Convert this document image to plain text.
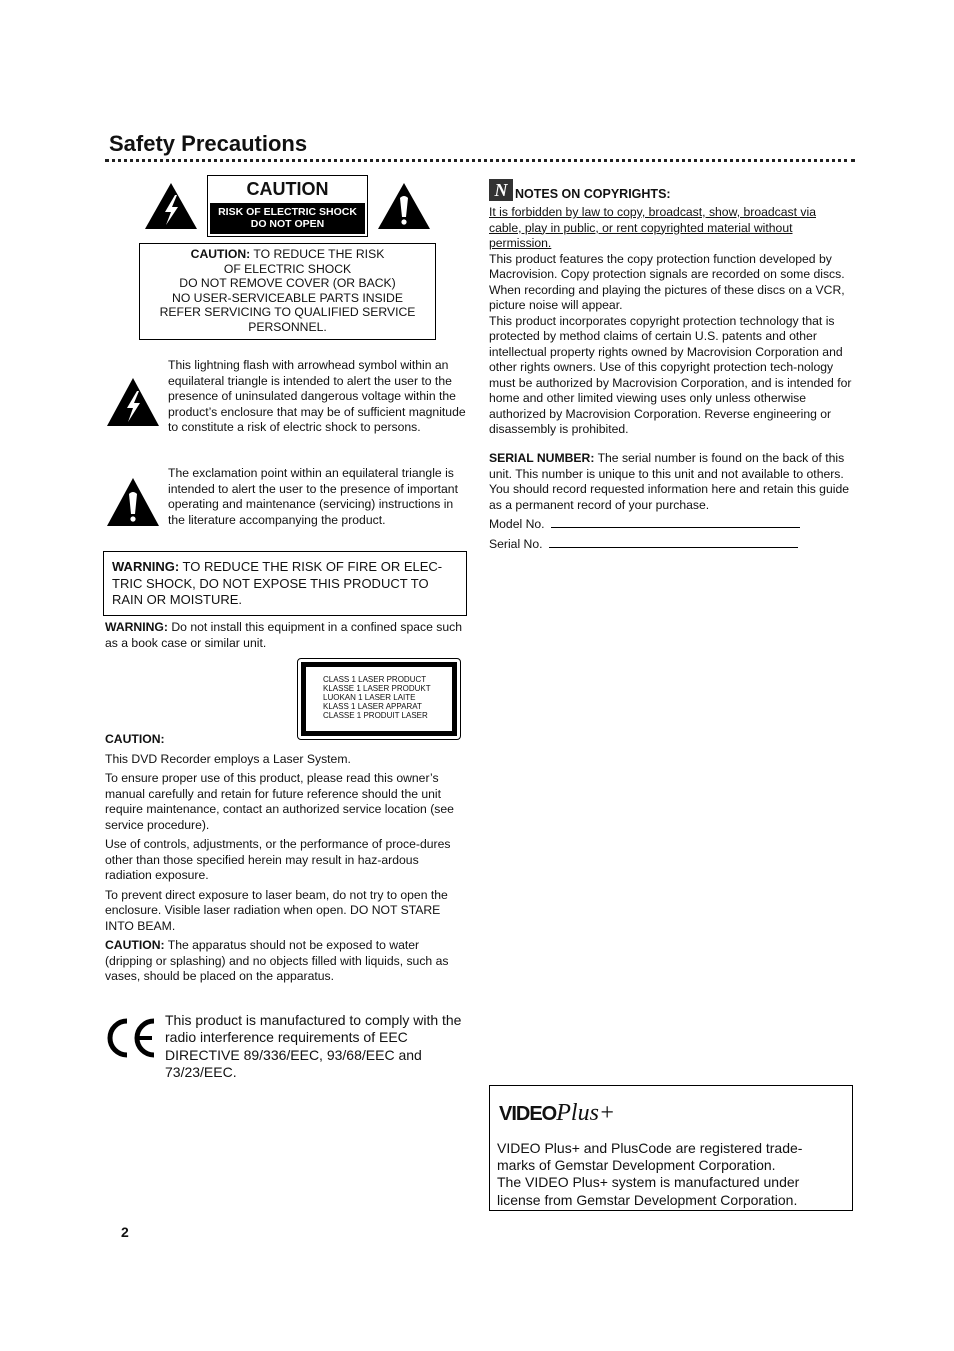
Safety Precautions
CAUTION
RISK OF ELECTRIC SHOCK
DO NOT OPEN
CAUTION: TO REDUCE THE RISK
OF ELECTRIC SHOCK
DO NOT REMOVE COVER (OR BACK)
NO USER-SERVICEABLE PARTS INSIDE
REFER SERVICING TO QUALIFIED SERVICE
PERSONNEL.

This lightning flash with arrowhead symbol within an equilateral triangle is intended to alert the user to the presence of uninsulated dangerous voltage within the product’s enclosure that may be of sufficient magnitude to constitute a risk of electric shock to persons.

The exclamation point within an equilateral triangle is intended to alert the user to the presence of important operating and maintenance (servicing) instructions in the literature accompanying the product.

WARNING: TO REDUCE THE RISK OF FIRE OR ELEC-TRIC SHOCK, DO NOT EXPOSE THIS PRODUCT TO RAIN OR MOISTURE.

WARNING: Do not install this equipment in a confined space such as a book case or similar unit.

CLASS 1 LASER PRODUCT
KLASSE 1 LASER PRODUKT
LUOKAN 1 LASER LAITE
KLASS 1 LASER APPARAT
CLASSE 1 PRODUIT LASER

CAUTION:

This DVD Recorder employs a Laser System.

To ensure proper use of this product, please read this owner’s manual carefully and retain for future reference should the unit require maintenance, contact an authorized service location (see service procedure).

Use of controls, adjustments, or the performance of proce-dures other than those specified herein may result in haz-ardous radiation exposure.

To prevent direct exposure to laser beam, do not try to open the enclosure. Visible laser radiation when open. DO NOT STARE INTO BEAM.

CAUTION: The apparatus should not be exposed to water (dripping or splashing) and no objects filled with liquids, such as vases, should be placed on the apparatus.

This product is manufactured to comply with the radio interference requirements of EEC DIRECTIVE 89/336/EEC, 93/68/EEC and 73/23/EEC.

2
N NOTES ON COPYRIGHTS:

It is forbidden by law to copy, broadcast, show, broadcast via cable, play in public, or rent copyrighted material without permission.

This product features the copy protection function developed by Macrovision. Copy protection signals are recorded on some discs. When recording and playing the pictures of these discs on a VCR, picture noise will appear.

This product incorporates copyright protection technology that is protected by method claims of certain U.S. patents and other intellectual property rights owned by Macrovision Corporation and other rights owners. Use of this copyright protection tech-nology must be authorized by Macrovision Corporation, and is intended for home and other limited viewing uses only unless otherwise authorized by Macrovision Corporation. Reverse engineering or disassembly is prohibited.

SERIAL NUMBER: The serial number is found on the back of this unit. This number is unique to this unit and not available to others. You should record requested information here and retain this guide as a permanent record of your purchase.

Model No.
Serial No.
VIDEOPlus+
VIDEO Plus+ and PlusCode are registered trade-
marks of Gemstar Development Corporation.
The VIDEO Plus+ system is manufactured under
license from Gemstar Development Corporation.
